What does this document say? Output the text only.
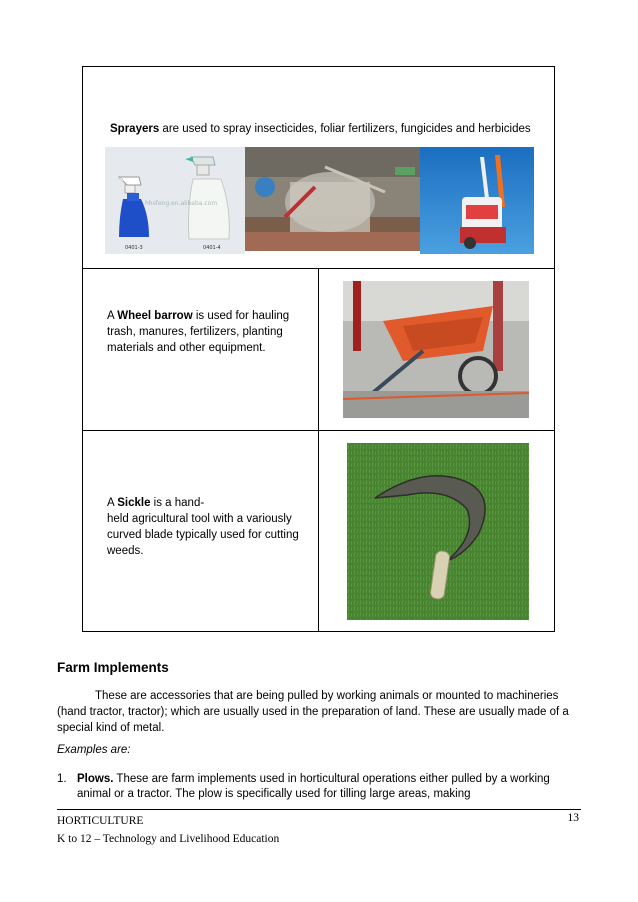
Sprayers are used to spray insecticides, foliar fertilizers, fungicides and herbicides
0401-3	0401-4
hhsfeng.en.alibaba.com
A Wheel barrow is used for hauling trash, manures, fertilizers, planting materials and other equipment.
A Sickle is a hand-
held agricultural tool with a variously curved blade typically used for cutting weeds.
Farm Implements
These are accessories that are being pulled by working animals or mounted to machineries (hand tractor, tractor); which are usually used in the preparation of land. These are usually made of a special kind of metal.
Examples are:
1. Plows. These are farm implements used in horticultural operations either pulled by a working animal or a tractor. The plow is specifically used for tilling large areas, making
HORTICULTURE
K to 12 – Technology and Livelihood Education
13
